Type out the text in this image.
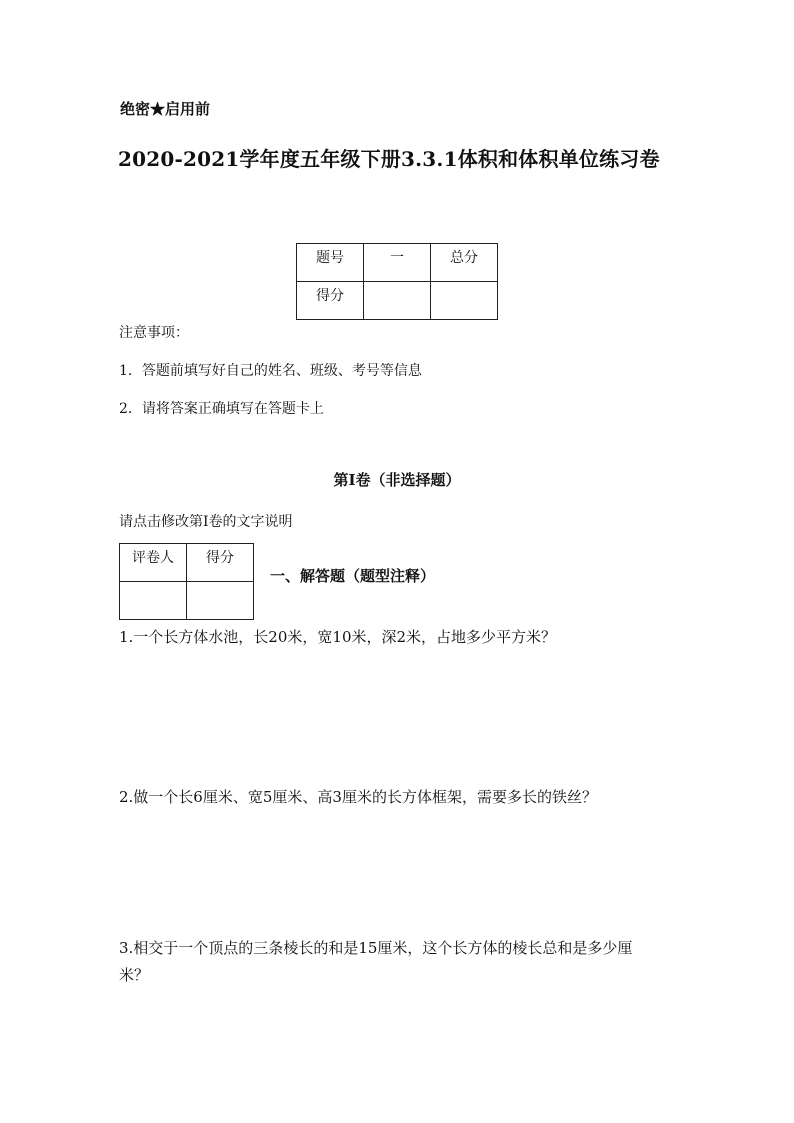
绝密★启用前
2020-2021学年度五年级下册3.3.1体积和体积单位练习卷
题号	一	总分

得分		

注意事项：
1．答题前填写好自己的姓名、班级、考号等信息
2．请将答案正确填写在答题卡上
第I卷（非选择题）
请点击修改第I卷的文字说明
评卷人	得分

一、解答题（题型注释）
1.一个长方体水池，长20米，宽10米，深2米，占地多少平方米？
2.做一个长6厘米、宽5厘米、高3厘米的长方体框架，需要多长的铁丝？
3.相交于一个顶点的三条棱长的和是15厘米，这个长方体的棱长总和是多少厘
米？
